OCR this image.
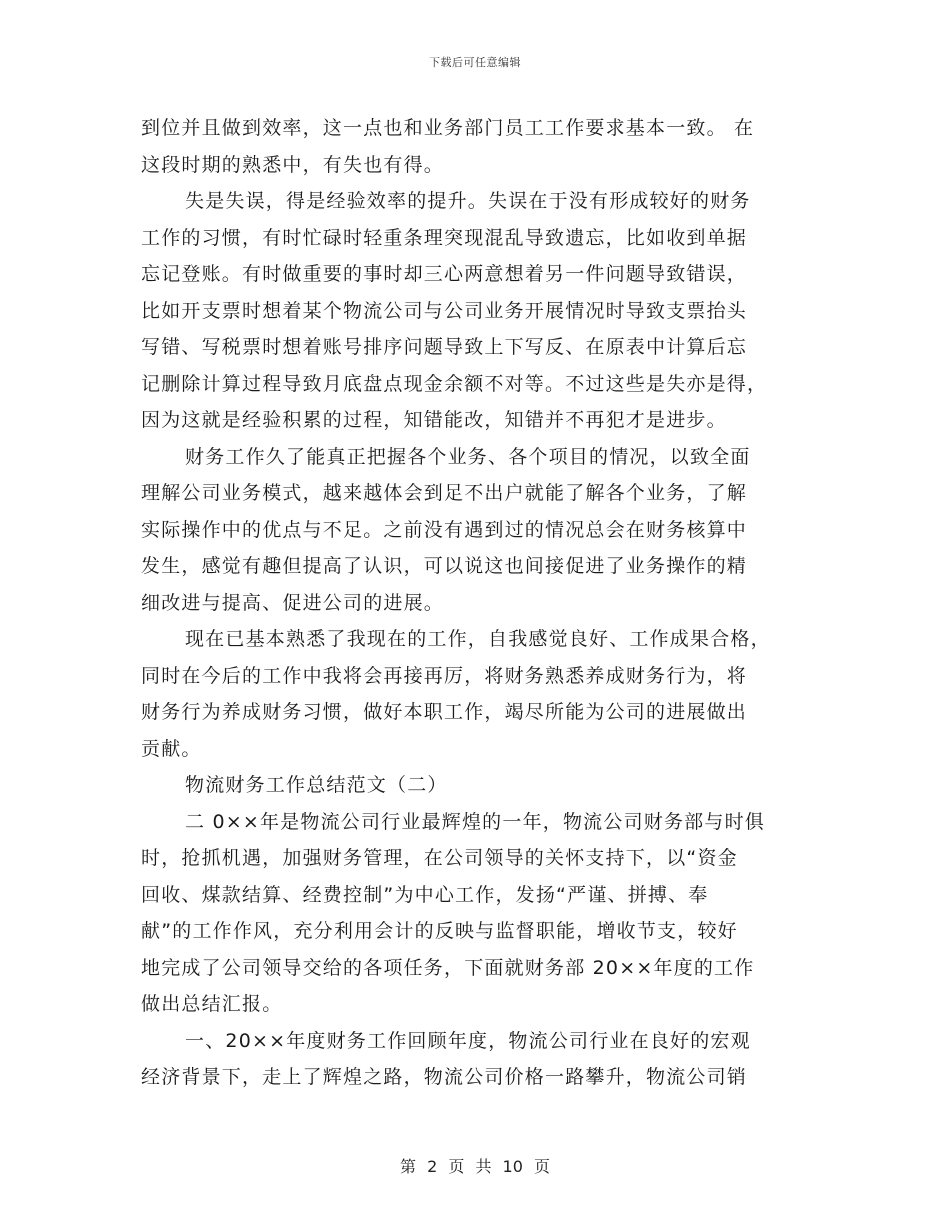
下载后可任意编辑
到位并且做到效率，这一点也和业务部门员工工作要求基本一致。 在
这段时期的熟悉中，有失也有得。
失是失误，得是经验效率的提升。失误在于没有形成较好的财务
工作的习惯，有时忙碌时轻重条理突现混乱导致遗忘，比如收到单据
忘记登账。有时做重要的事时却三心两意想着另一件问题导致错误，
比如开支票时想着某个物流公司与公司业务开展情况时导致支票抬头
写错、写税票时想着账号排序问题导致上下写反、在原表中计算后忘
记删除计算过程导致月底盘点现金余额不对等。不过这些是失亦是得，
因为这就是经验积累的过程，知错能改，知错并不再犯才是进步。
财务工作久了能真正把握各个业务、各个项目的情况，以致全面
理解公司业务模式，越来越体会到足不出户就能了解各个业务，了解
实际操作中的优点与不足。之前没有遇到过的情况总会在财务核算中
发生，感觉有趣但提高了认识，可以说这也间接促进了业务操作的精
细改进与提高、促进公司的进展。
现在已基本熟悉了我现在的工作，自我感觉良好、工作成果合格，
同时在今后的工作中我将会再接再厉，将财务熟悉养成财务行为，将
财务行为养成财务习惯，做好本职工作，竭尽所能为公司的进展做出
贡献。
物流财务工作总结范文（二）
二 0××年是物流公司行业最辉煌的一年，物流公司财务部与时俱
时，抢抓机遇，加强财务管理，在公司领导的关怀支持下，以“资金
回收、煤款结算、经费控制”为中心工作，发扬“严谨、拼搏、奉
献”的工作作风，充分利用会计的反映与监督职能，增收节支，较好
地完成了公司领导交给的各项任务，下面就财务部 20××年度的工作
做出总结汇报。
一、20××年度财务工作回顾年度，物流公司行业在良好的宏观
经济背景下，走上了辉煌之路，物流公司价格一路攀升，物流公司销
第 2 页 共 10 页
